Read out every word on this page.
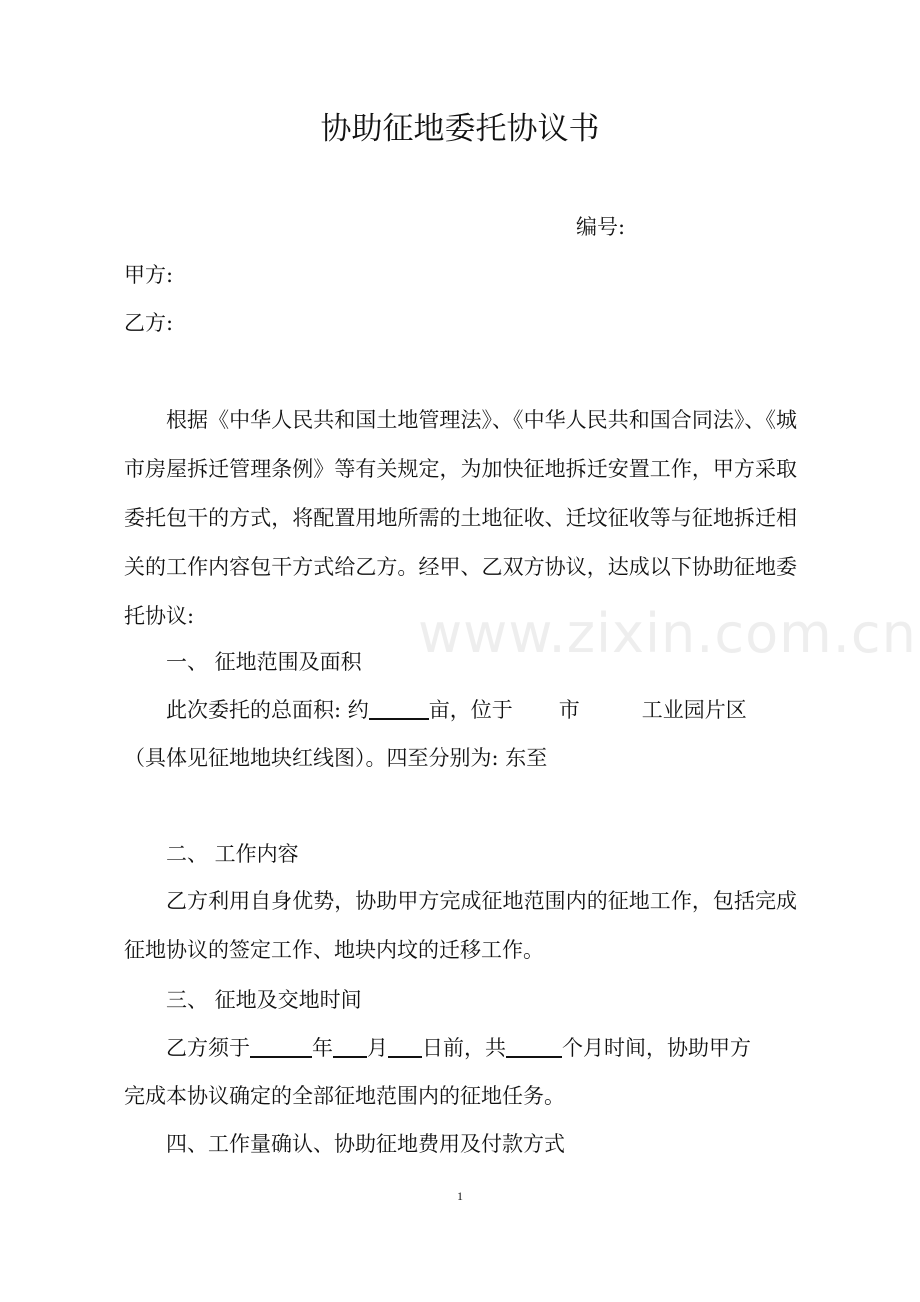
协助征地委托协议书
编号:
甲方:
乙方:
根据《中华人民共和国土地管理法》、《中华人民共和国合同法》、《城市房屋拆迁管理条例》等有关规定，为加快征地拆迁安置工作，甲方采取委托包干的方式，将配置用地所需的土地征收、迁坟征收等与征地拆迁相关的工作内容包干方式给乙方。经甲、乙双方协议，达成以下协助征地委托协议:
一、 征地范围及面积
此次委托的总面积: 约	亩，位于 市	工业园片区
（具体见征地地块红线图）。四至分别为: 东至
二、 工作内容
乙方利用自身优势，协助甲方完成征地范围内的征地工作，包括完成征地协议的签定工作、地块内坟的迁移工作。
三、 征地及交地时间
乙方须于	年 月 日前，共	个月时间，协助甲方
完成本协议确定的全部征地范围内的征地任务。
四、工作量确认、协助征地费用及付款方式
www.zixin.com.cn
1
